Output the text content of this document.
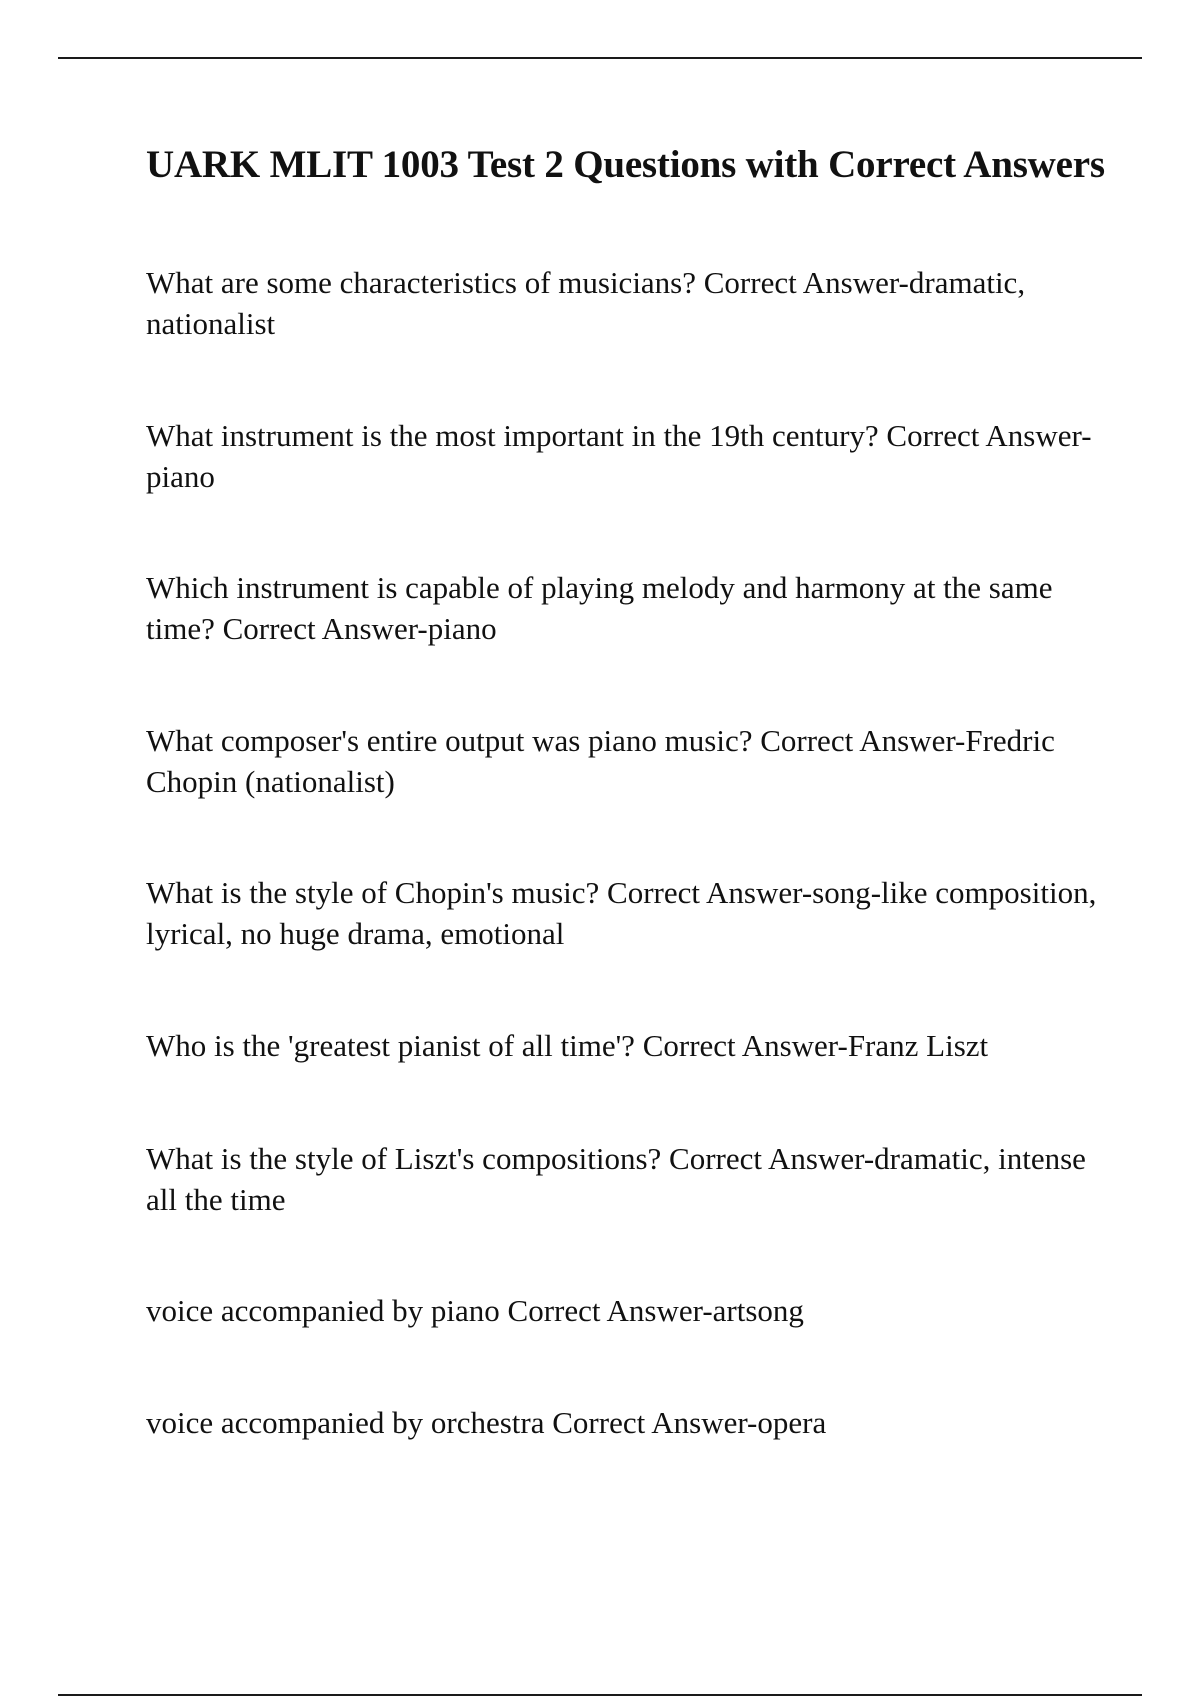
UARK MLIT 1003 Test 2 Questions with Correct Answers
What are some characteristics of musicians? Correct Answer-dramatic, nationalist
What instrument is the most important in the 19th century? Correct Answer-piano
Which instrument is capable of playing melody and harmony at the same time? Correct Answer-piano
What composer's entire output was piano music? Correct Answer-Fredric Chopin (nationalist)
What is the style of Chopin's music? Correct Answer-song-like composition, lyrical, no huge drama, emotional
Who is the 'greatest pianist of all time'? Correct Answer-Franz Liszt
What is the style of Liszt's compositions? Correct Answer-dramatic, intense all the time
voice accompanied by piano Correct Answer-artsong
voice accompanied by orchestra Correct Answer-opera
